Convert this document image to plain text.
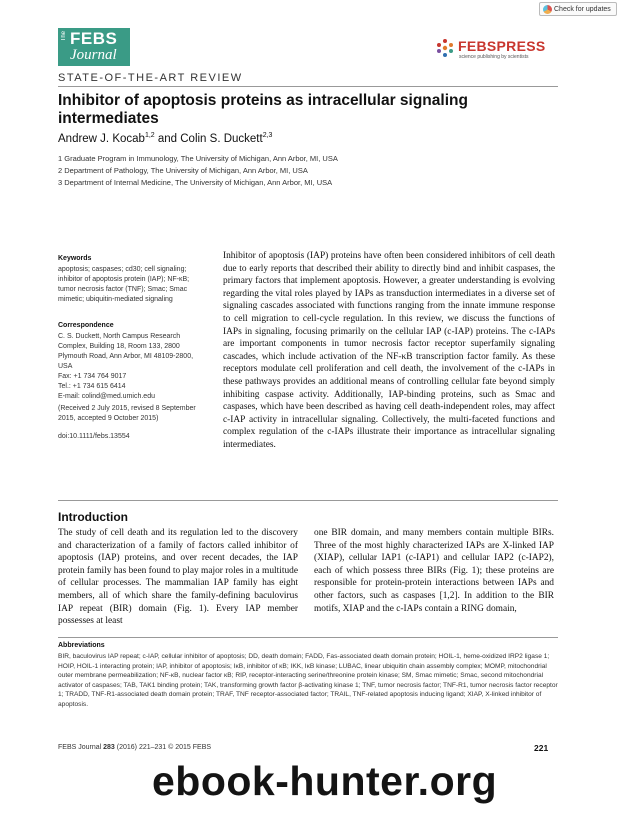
Check for updates
The FEBS
Journal
FEBSPRESS
science publishing by scientists
STATE-OF-THE-ART REVIEW
Inhibitor of apoptosis proteins as intracellular signaling intermediates
Andrew J. Kocab$^{1,2}$ and Colin S. Duckett$^{2,3}$
1 Graduate Program in Immunology, The University of Michigan, Ann Arbor, MI, USA
2 Department of Pathology, The University of Michigan, Ann Arbor, MI, USA
3 Department of Internal Medicine, The University of Michigan, Ann Arbor, MI, USA
Keywords
apoptosis; caspases; cd30; cell signaling;
inhibitor of apoptosis protein (IAP); NF-κB;
tumor necrosis factor (TNF); Smac; Smac
mimetic; ubiquitin-mediated signaling
Correspondence
C. S. Duckett, North Campus Research
Complex, Building 18, Room 133, 2800
Plymouth Road, Ann Arbor, MI 48109-2800,
USA
Fax: +1 734 764 9017
Tel.: +1 734 615 6414
E-mail: colind@med.umich.edu
(Received 2 July 2015, revised 8 September
2015, accepted 9 October 2015)
doi:10.1111/febs.13554
Inhibitor of apoptosis (IAP) proteins have often been considered inhibitors of cell death due to early reports that described their ability to directly bind and inhibit caspases, the primary factors that implement apoptosis. However, a greater understanding is evolving regarding the vital roles played by IAPs as transduction intermediates in a diverse set of signaling cascades associated with functions ranging from the innate immune response to cell migration to cell-cycle regulation. In this review, we discuss the functions of IAPs in signaling, focusing primarily on the cellular IAP (c-IAP) proteins. The c-IAPs are important components in tumor necrosis factor receptor superfamily signaling cascades, which include activation of the NF-κB transcription factor family. As these receptors modulate cell proliferation and cell death, the involvement of the c-IAPs in these pathways provides an additional means of controlling cellular fate beyond simply inhibiting caspase activity. Additionally, IAP-binding proteins, such as Smac and caspases, which have been described as having cell death-independent roles, may affect c-IAP activity in intracellular signaling. Collectively, the multi-faceted functions and complex regulation of the c-IAPs illustrate their importance as intracellular signaling intermediates.
Introduction
The study of cell death and its regulation led to the discovery and characterization of a family of factors called inhibitor of apoptosis (IAP) proteins, and over recent decades, the IAP protein family has been found to play major roles in a multitude of cellular processes. The mammalian IAP family has eight members, all of which share the family-defining baculovirus IAP repeat (BIR) domain (Fig. 1). Every IAP member possesses at least
one BIR domain, and many members contain multiple BIRs. Three of the most highly characterized IAPs are X-linked IAP (XIAP), cellular IAP1 (c-IAP1) and cellular IAP2 (c-IAP2), each of which possess three BIRs (Fig. 1); these proteins are responsible for protein-protein interactions between IAPs and other factors, such as caspases [1,2]. In addition to the BIR motifs, XIAP and the c-IAPs contain a RING domain,
Abbreviations
BIR, baculovirus IAP repeat; c-IAP, cellular inhibitor of apoptosis; DD, death domain; FADD, Fas-associated death domain protein; HOIL-1, heme-oxidized IRP2 ligase 1; HOIP, HOIL-1 interacting protein; IAP, inhibitor of apoptosis; IκB, inhibitor of κB; IKK, IκB kinase; LUBAC, linear ubiquitin chain assembly complex; MOMP, mitochondrial outer membrane permeabilization; NF-κB, nuclear factor κB; RIP, receptor-interacting serine/threonine protein kinase; SM, Smac mimetic; Smac, second mitochondrial activator of caspases; TAB, TAK1 binding protein; TAK, transforming growth factor β-activating kinase 1; TNF, tumor necrosis factor; TNF-R1, tumor necrosis factor receptor 1; TRADD, TNF-R1-associated death domain protein; TRAF, TNF receptor-associated factor; TRAIL, TNF-related apoptosis inducing ligand; XIAP, X-linked inhibitor of apoptosis.
FEBS Journal 283 (2016) 221–231 © 2015 FEBS	221
ebook-hunter.org
